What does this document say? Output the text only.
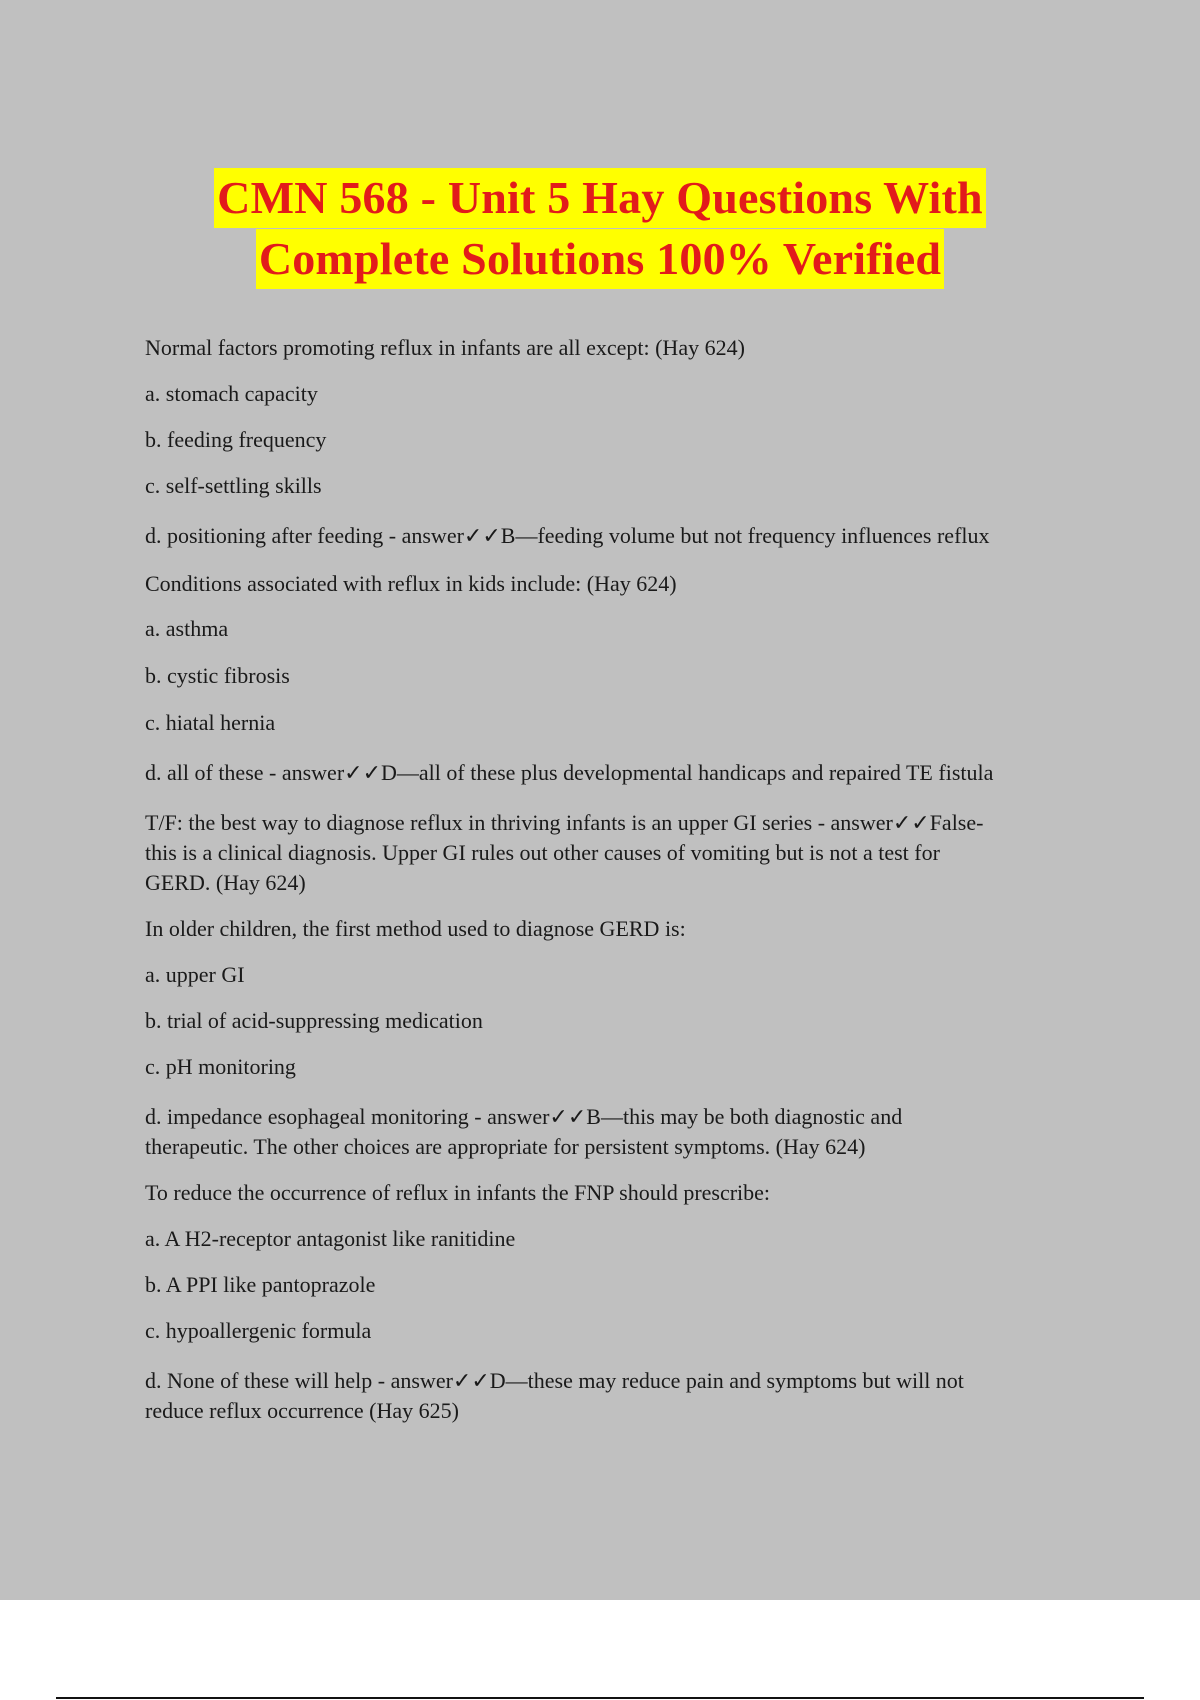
CMN 568 - Unit 5 Hay Questions With
Complete Solutions 100% Verified

Normal factors promoting reflux in infants are all except: (Hay 624)

a. stomach capacity

b. feeding frequency

c. self-settling skills

d. positioning after feeding - answer✓✓B—feeding volume but not frequency influences reflux

Conditions associated with reflux in kids include: (Hay 624)

a. asthma

b. cystic fibrosis

c. hiatal hernia

d. all of these - answer✓✓D—all of these plus developmental handicaps and repaired TE fistula

T/F: the best way to diagnose reflux in thriving infants is an upper GI series - answer✓✓False-

this is a clinical diagnosis. Upper GI rules out other causes of vomiting but is not a test for

GERD. (Hay 624)

In older children, the first method used to diagnose GERD is:

a. upper GI

b. trial of acid-suppressing medication

c. pH monitoring

d. impedance esophageal monitoring - answer✓✓B—this may be both diagnostic and

therapeutic. The other choices are appropriate for persistent symptoms. (Hay 624)

To reduce the occurrence of reflux in infants the FNP should prescribe:

a. A H2-receptor antagonist like ranitidine

b. A PPI like pantoprazole

c. hypoallergenic formula

d. None of these will help - answer✓✓D—these may reduce pain and symptoms but will not

reduce reflux occurrence (Hay 625)
